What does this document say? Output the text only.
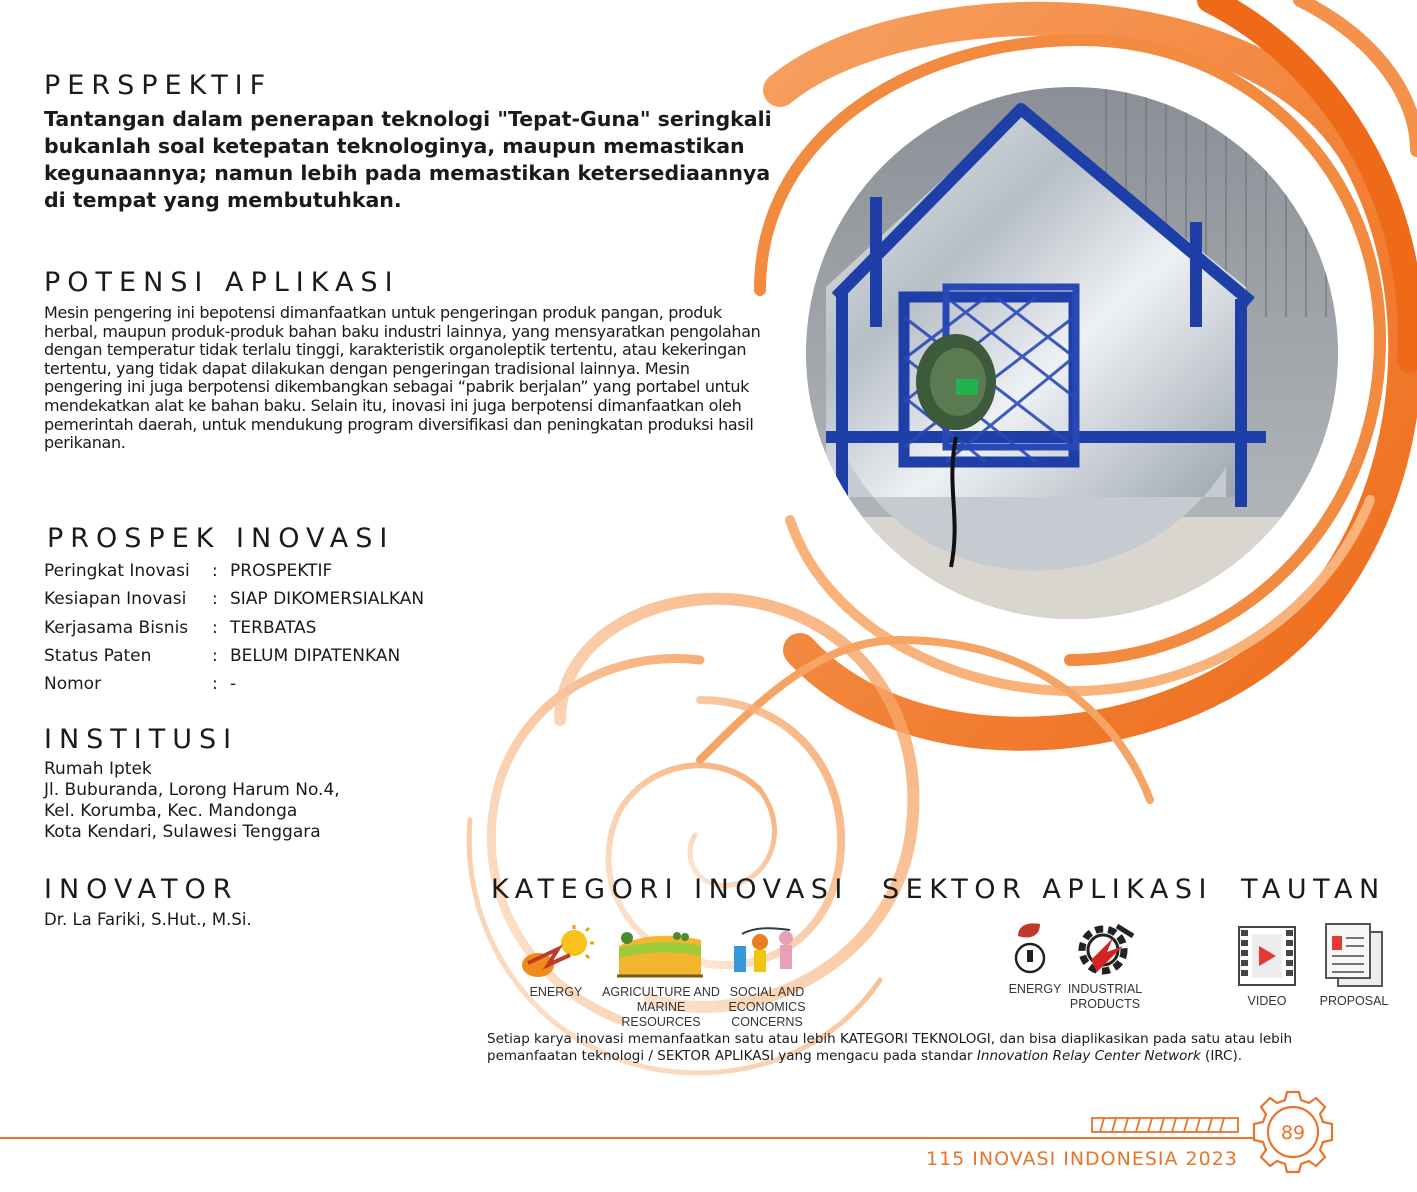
PERSPEKTIF
Tantangan dalam penerapan teknologi "Tepat-Guna" seringkali bukanlah soal ketepatan teknologinya, maupun memastikan kegunaannya; namun lebih pada memastikan ketersediaannya di tempat yang membutuhkan.
POTENSI APLIKASI
Mesin pengering ini bepotensi dimanfaatkan untuk pengeringan produk pangan, produk herbal, maupun produk-produk bahan baku industri lainnya, yang mensyaratkan pengolahan dengan temperatur tidak terlalu tinggi, karakteristik organoleptik tertentu, atau kekeringan tertentu, yang tidak dapat dilakukan dengan pengeringan tradisional lainnya. Mesin pengering ini juga berpotensi dikembangkan sebagai “pabrik berjalan” yang portabel untuk mendekatkan alat ke bahan baku. Selain itu, inovasi ini juga berpotensi dimanfaatkan oleh pemerintah daerah, untuk mendukung program diversifikasi dan peningkatan produksi hasil perikanan.
PROSPEK INOVASI
Peringkat Inovasi	: PROSPEKTIF
Kesiapan Inovasi	: SIAP DIKOMERSIALKAN
Kerjasama Bisnis	: TERBATAS
Status Paten	: BELUM DIPATENKAN
Nomor	: -
INSTITUSI
Rumah Iptek
Jl. Buburanda, Lorong Harum No.4,
Kel. Korumba, Kec. Mandonga
Kota Kendari, Sulawesi Tenggara
INOVATOR
Dr. La Fariki, S.Hut., M.Si.
KATEGORI INOVASI SEKTOR APLIKASI TAUTAN
ENERGY	AGRICULTURE AND MARINE RESOURCES
SOCIAL AND ECONOMICS CONCERNS
ENERGY INDUSTRIAL PRODUCTS	VIDEO	PROPOSAL
Setiap karya inovasi memanfaatkan satu atau lebih KATEGORI TEKNOLOGI, dan bisa diaplikasikan pada satu atau lebih pemanfaatan teknologi / SEKTOR APLIKASI yang mengacu pada standar Innovation Relay Center Network (IRC).
89
115 INOVASI INDONESIA 2023
